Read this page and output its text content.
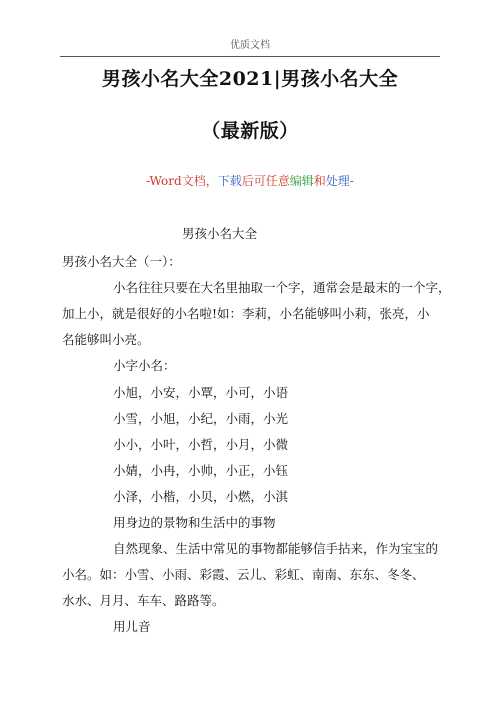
优质文档
男孩小名大全2021|男孩小名大全
（最新版）
-Word文档，下载后可任意编辑和处理-
男孩小名大全
男孩小名大全（一）：
小名往往只要在大名里抽取一个字，通常会是最末的一个字，
加上小，就是很好的小名啦!如：李莉，小名能够叫小莉，张亮，小
名能够叫小亮。
小字小名：
小旭，小安，小覃，小可，小语
小雪，小旭，小纪，小雨，小光
小小，小叶，小哲，小月，小微
小婧，小冉，小帅，小正，小钰
小泽，小楷，小贝，小燃，小淇
用身边的景物和生活中的事物
自然现象、生活中常见的事物都能够信手拈来，作为宝宝的
小名。如：小雪、小雨、彩霞、云儿、彩虹、南南、东东、冬冬、
水水、月月、车车、路路等。
用儿音
